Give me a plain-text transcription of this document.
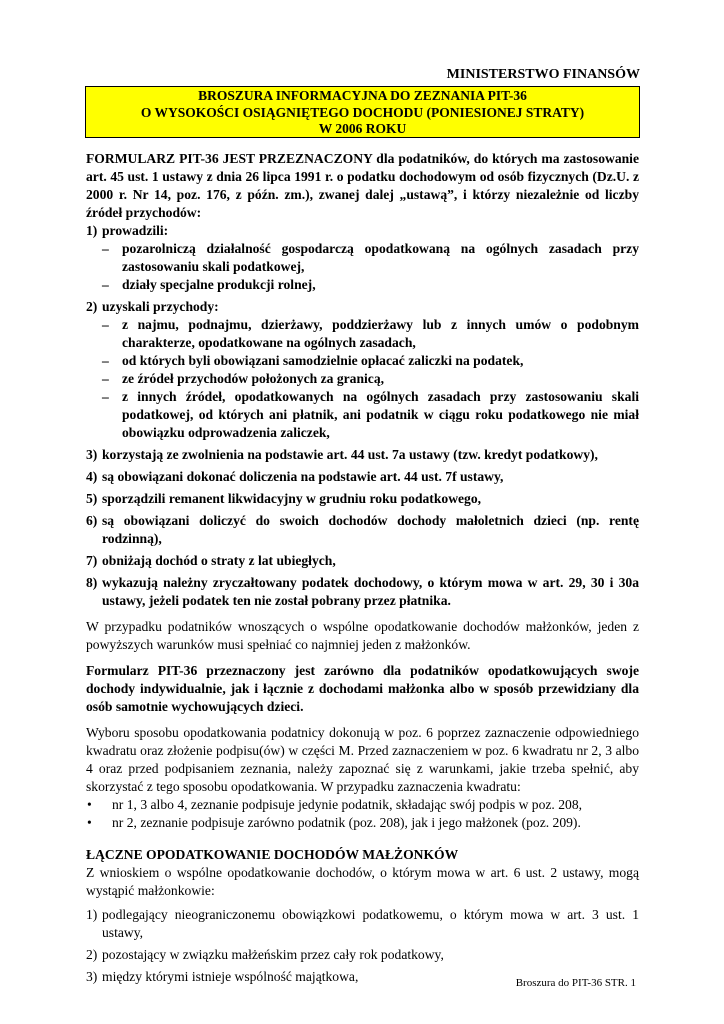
MINISTERSTWO FINANSÓW
BROSZURA INFORMACYJNA DO ZEZNANIA PIT-36
O WYSOKOŚCI OSIĄGNIĘTEGO DOCHODU (PONIESIONEJ STRATY)
W 2006 ROKU

FORMULARZ PIT-36 JEST PRZEZNACZONY dla podatników, do których ma zastosowanie art. 45 ust. 1 ustawy z dnia 26 lipca 1991 r. o podatku dochodowym od osób fizycznych (Dz.U. z 2000 r. Nr 14, poz. 176, z późn. zm.), zwanej dalej „ustawą”, i którzy niezależnie od liczby źródeł przychodów:

1) prowadzili:

– pozarolniczą działalność gospodarczą opodatkowaną na ogólnych zasadach przy zastosowaniu skali podatkowej,

– działy specjalne produkcji rolnej,

2) uzyskali przychody:

– z najmu, podnajmu, dzierżawy, poddzierżawy lub z innych umów o podobnym charakterze, opodatkowane na ogólnych zasadach,

– od których byli obowiązani samodzielnie opłacać zaliczki na podatek,

– ze źródeł przychodów położonych za granicą,

– z innych źródeł, opodatkowanych na ogólnych zasadach przy zastosowaniu skali podatkowej, od których ani płatnik, ani podatnik w ciągu roku podatkowego nie miał obowiązku odprowadzenia zaliczek,

3) korzystają ze zwolnienia na podstawie art. 44 ust. 7a ustawy (tzw. kredyt podatkowy),

4) są obowiązani dokonać doliczenia na podstawie art. 44 ust. 7f ustawy,

5) sporządzili remanent likwidacyjny w grudniu roku podatkowego,

6) są obowiązani doliczyć do swoich dochodów dochody małoletnich dzieci (np. rentę rodzinną),

7) obniżają dochód o straty z lat ubiegłych,

8) wykazują należny zryczałtowany podatek dochodowy, o którym mowa w art. 29, 30 i 30a ustawy, jeżeli podatek ten nie został pobrany przez płatnika.

W przypadku podatników wnoszących o wspólne opodatkowanie dochodów małżonków, jeden z powyższych warunków musi spełniać co najmniej jeden z małżonków.

Formularz PIT-36 przeznaczony jest zarówno dla podatników opodatkowujących swoje dochody indywidualnie, jak i łącznie z dochodami małżonka albo w sposób przewidziany dla osób samotnie wychowujących dzieci.

Wyboru sposobu opodatkowania podatnicy dokonują w poz. 6 poprzez zaznaczenie odpowiedniego kwadratu oraz złożenie podpisu(ów) w części M. Przed zaznaczeniem w poz. 6 kwadratu nr 2, 3 albo 4 oraz przed podpisaniem zeznania, należy zapoznać się z warunkami, jakie trzeba spełnić, aby skorzystać z tego sposobu opodatkowania. W przypadku zaznaczenia kwadratu:

• nr 1, 3 albo 4, zeznanie podpisuje jedynie podatnik, składając swój podpis w poz. 208,

• nr 2, zeznanie podpisuje zarówno podatnik (poz. 208), jak i jego małżonek (poz. 209).

ŁĄCZNE OPODATKOWANIE DOCHODÓW MAŁŻONKÓW

Z wnioskiem o wspólne opodatkowanie dochodów, o którym mowa w art. 6 ust. 2 ustawy, mogą wystąpić małżonkowie:

1) podlegający nieograniczonemu obowiązkowi podatkowemu, o którym mowa w art. 3 ust. 1 ustawy,

2) pozostający w związku małżeńskim przez cały rok podatkowy,

3) między którymi istnieje wspólność majątkowa,	Broszura do PIT-36 STR. 1
